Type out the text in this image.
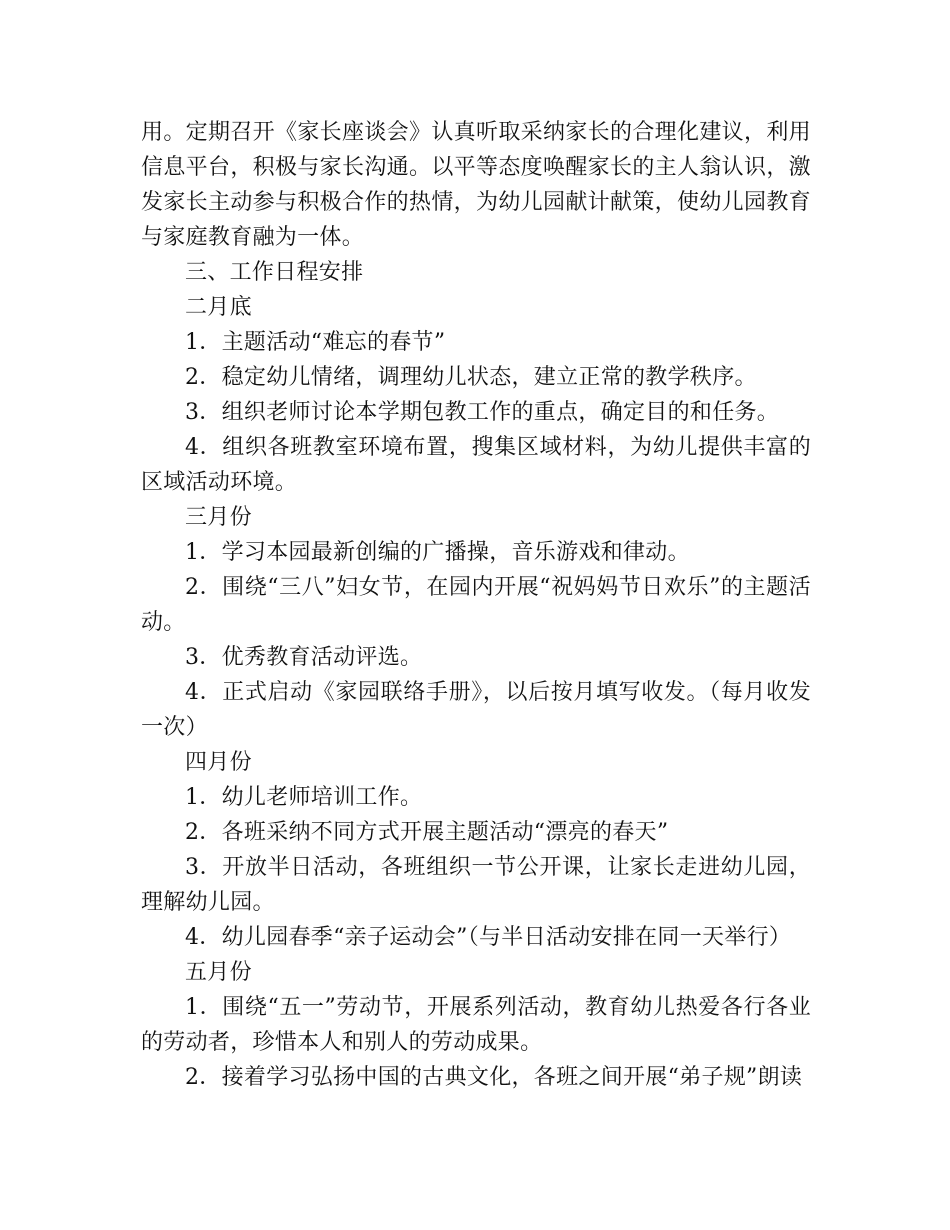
用。定期召开《家长座谈会》认真听取采纳家长的合理化建议，利用信息平台，积极与家长沟通。以平等态度唤醒家长的主人翁认识，激发家长主动参与积极合作的热情，为幼儿园献计献策，使幼儿园教育与家庭教育融为一体。

三、工作日程安排

二月底

1．主题活动“难忘的春节”

2．稳定幼儿情绪，调理幼儿状态，建立正常的教学秩序。

3．组织老师讨论本学期包教工作的重点，确定目的和任务。

4．组织各班教室环境布置，搜集区域材料，为幼儿提供丰富的区域活动环境。

三月份

1．学习本园最新创编的广播操，音乐游戏和律动。

2．围绕“三八”妇女节，在园内开展“祝妈妈节日欢乐”的主题活动。

3．优秀教育活动评选。

4．正式启动《家园联络手册》，以后按月填写收发。（每月收发一次）

四月份

1．幼儿老师培训工作。

2．各班采纳不同方式开展主题活动“漂亮的春天”

3．开放半日活动，各班组织一节公开课，让家长走进幼儿园，理解幼儿园。

4．幼儿园春季“亲子运动会”（与半日活动安排在同一天举行）

五月份

1．围绕“五一”劳动节，开展系列活动，教育幼儿热爱各行各业的劳动者，珍惜本人和别人的劳动成果。

2．接着学习弘扬中国的古典文化，各班之间开展“弟子规”朗读
